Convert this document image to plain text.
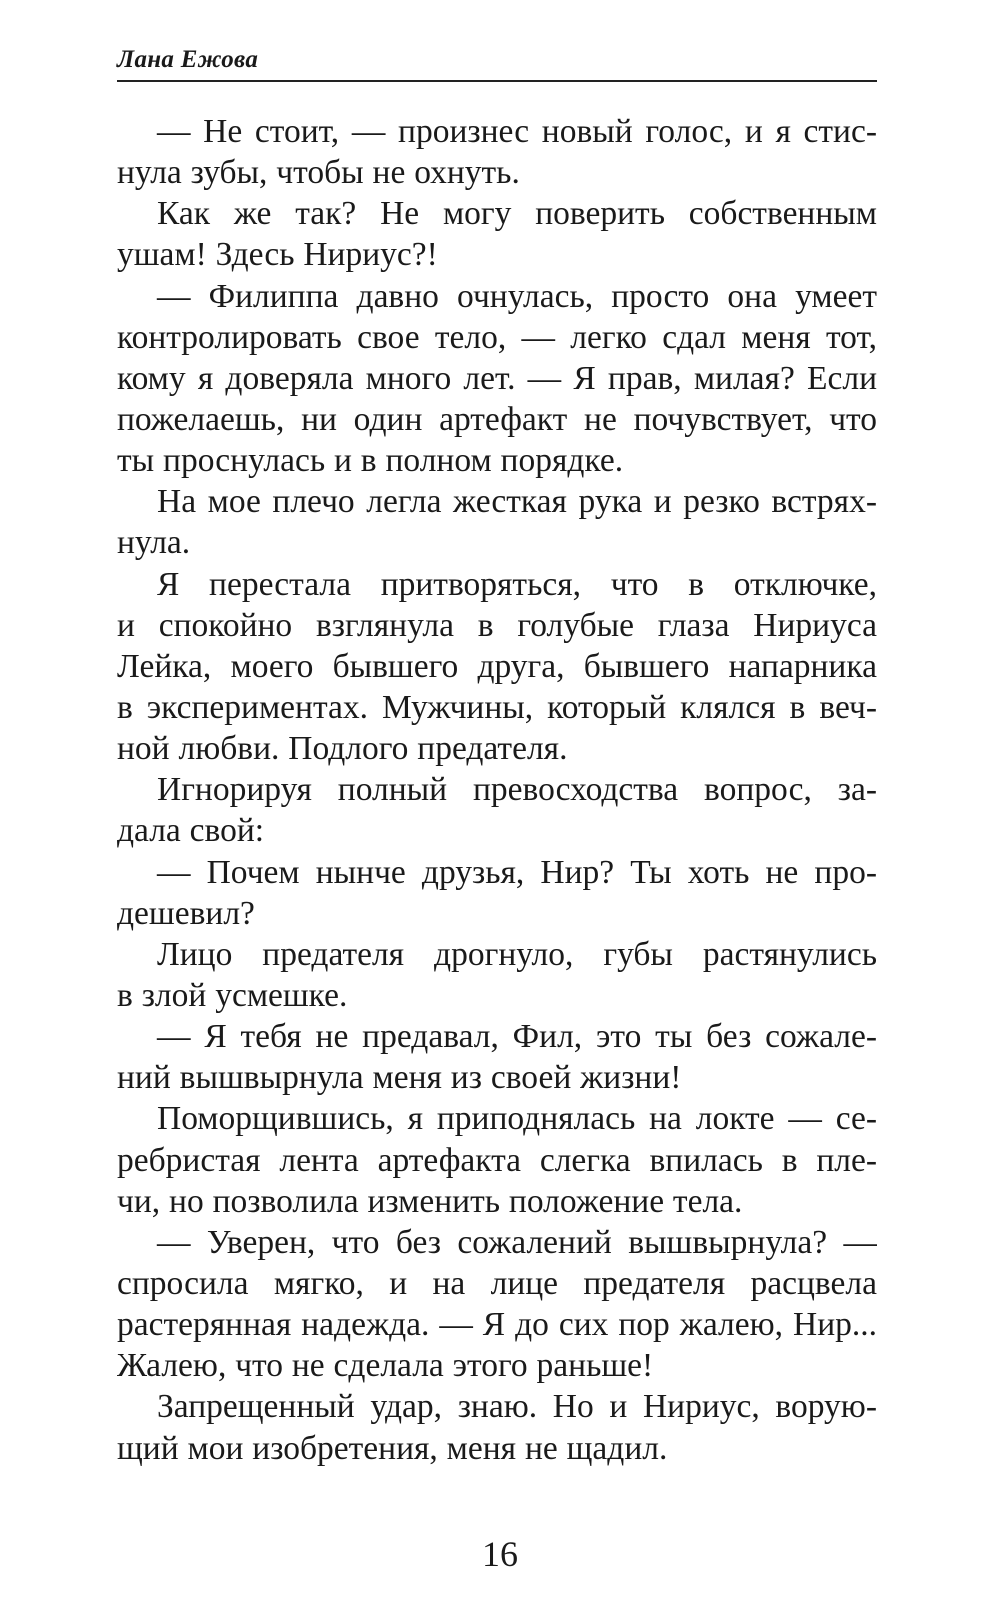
Лана Ежова
— Не стоит, — произнес новый голос, и я стис-
нула зубы, чтобы не охнуть.
Как же так? Не могу поверить собственным
ушам! Здесь Нириус?!
— Филиппа давно очнулась, просто она умеет
контролировать свое тело, — легко сдал меня тот,
кому я доверяла много лет. — Я прав, милая? Если
пожелаешь, ни один артефакт не почувствует, что
ты проснулась и в полном порядке.
На мое плечо легла жесткая рука и резко встрях-
нула.
Я перестала притворяться, что в отключке,
и спокойно взглянула в голубые глаза Нириуса
Лейка, моего бывшего друга, бывшего напарника
в экспериментах. Мужчины, который клялся в веч-
ной любви. Подлого предателя.
Игнорируя полный превосходства вопрос, за-
дала свой:
— Почем нынче друзья, Нир? Ты хоть не про-
дешевил?
Лицо предателя дрогнуло, губы растянулись
в злой усмешке.
— Я тебя не предавал, Фил, это ты без сожале-
ний вышвырнула меня из своей жизни!
Поморщившись, я приподнялась на локте — се-
ребристая лента артефакта слегка впилась в пле-
чи, но позволила изменить положение тела.
— Уверен, что без сожалений вышвырнула? —
спросила мягко, и на лице предателя расцвела
растерянная надежда. — Я до сих пор жалею, Нир...
Жалею, что не сделала этого раньше!
Запрещенный удар, знаю. Но и Нириус, ворую-
щий мои изобретения, меня не щадил.
16
